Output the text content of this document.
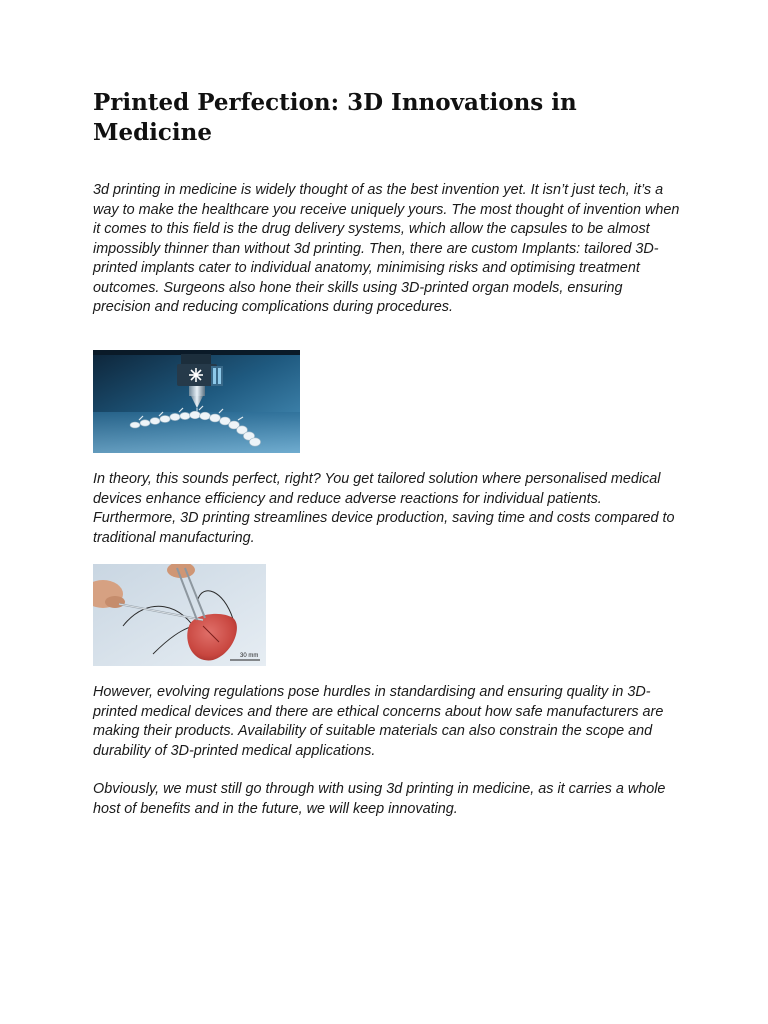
Printed Perfection: 3D Innovations in Medicine

3d printing in medicine is widely thought of as the best invention yet. It isn’t just tech, it’s a way to make the healthcare you receive uniquely yours. The most thought of invention when it comes to this field is the drug delivery systems, which allow the capsules to be almost impossibly thinner than without 3d printing. Then, there are custom Implants: tailored 3D-printed implants cater to individual anatomy, minimising risks and optimising treatment outcomes. Surgeons also hone their skills using 3D-printed organ models, ensuring precision and reducing complications during procedures.

In theory, this sounds perfect, right? You get tailored solution where personalised medical devices enhance efficiency and reduce adverse reactions for individual patients. Furthermore, 3D printing streamlines device production, saving time and costs compared to traditional manufacturing.

30 mm

However, evolving regulations pose hurdles in standardising and ensuring quality in 3D-printed medical devices and there are ethical concerns about how safe manufacturers are making their products. Availability of suitable materials can also constrain the scope and durability of 3D-printed medical applications.

Obviously, we must still go through with using 3d printing in medicine, as it carries a whole host of benefits and in the future, we will keep innovating.
